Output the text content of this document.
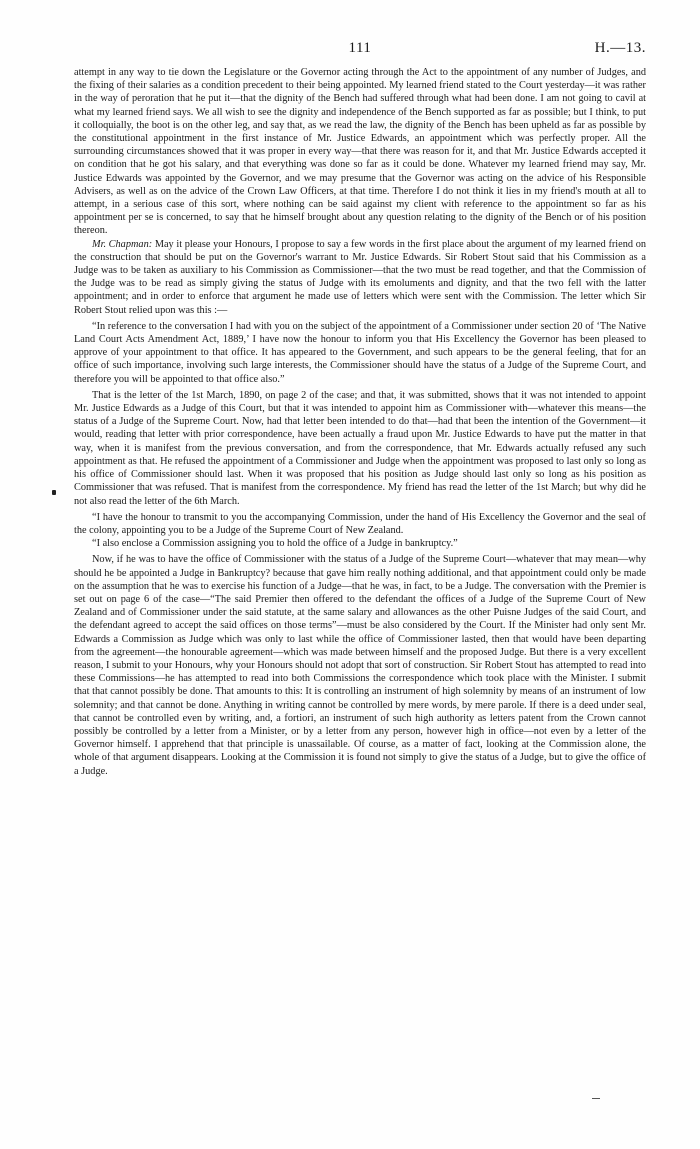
111	H.—13.

attempt in any way to tie down the Legislature or the Governor acting through the Act to the appointment of any number of Judges, and the fixing of their salaries as a condition precedent to their being appointed. My learned friend stated to the Court yesterday—it was rather in the way of peroration that he put it—that the dignity of the Bench had suffered through what had been done. I am not going to cavil at what my learned friend says. We all wish to see the dignity and independence of the Bench supported as far as possible; but I think, to put it colloquially, the boot is on the other leg, and say that, as we read the law, the dignity of the Bench has been upheld as far as possible by the constitutional appointment in the first instance of Mr. Justice Edwards, an appointment which was perfectly proper. All the surrounding circumstances showed that it was proper in every way—that there was reason for it, and that Mr. Justice Edwards accepted it on condition that he got his salary, and that everything was done so far as it could be done. Whatever my learned friend may say, Mr. Justice Edwards was appointed by the Governor, and we may presume that the Governor was acting on the advice of his Responsible Advisers, as well as on the advice of the Crown Law Officers, at that time. Therefore I do not think it lies in my friend's mouth at all to attempt, in a serious case of this sort, where nothing can be said against my client with reference to the appointment so far as his appointment per se is concerned, to say that he himself brought about any question relating to the dignity of the Bench or of his position thereon.

Mr. Chapman: May it please your Honours, I propose to say a few words in the first place about the argument of my learned friend on the construction that should be put on the Governor's warrant to Mr. Justice Edwards. Sir Robert Stout said that his Commission as a Judge was to be taken as auxiliary to his Commission as Commissioner—that the two must be read together, and that the Commission of the Judge was to be read as simply giving the status of Judge with its emoluments and dignity, and that the two fell with the latter appointment; and in order to enforce that argument he made use of letters which were sent with the Commission. The letter which Sir Robert Stout relied upon was this :—

“In reference to the conversation I had with you on the subject of the appointment of a Commissioner under section 20 of ‘The Native Land Court Acts Amendment Act, 1889,’ I have now the honour to inform you that His Excellency the Governor has been pleased to approve of your appointment to that office. It has appeared to the Government, and such appears to be the general feeling, that for an office of such importance, involving such large interests, the Commissioner should have the status of a Judge of the Supreme Court, and therefore you will be appointed to that office also.”

That is the letter of the 1st March, 1890, on page 2 of the case; and that, it was submitted, shows that it was not intended to appoint Mr. Justice Edwards as a Judge of this Court, but that it was intended to appoint him as Commissioner with—whatever this means—the status of a Judge of the Supreme Court. Now, had that letter been intended to do that—had that been the intention of the Government—it would, reading that letter with prior correspondence, have been actually a fraud upon Mr. Justice Edwards to have put the matter in that way, when it is manifest from the previous conversation, and from the correspondence, that Mr. Edwards actually refused any such appointment as that. He refused the appointment of a Commissioner and Judge when the appointment was proposed to last only so long as his office of Commissioner should last. When it was proposed that his position as Judge should last only so long as his position as Commissioner that was refused. That is manifest from the correspondence. My friend has read the letter of the 1st March; but why did he not also read the letter of the 6th March.

“I have the honour to transmit to you the accompanying Commission, under the hand of His Excellency the Governor and the seal of the colony, appointing you to be a Judge of the Supreme Court of New Zealand.

“I also enclose a Commission assigning you to hold the office of a Judge in bankruptcy.”

Now, if he was to have the office of Commissioner with the status of a Judge of the Supreme Court—whatever that may mean—why should he be appointed a Judge in Bankruptcy? because that gave him really nothing additional, and that appointment could only be made on the assumption that he was to exercise his function of a Judge—that he was, in fact, to be a Judge. The conversation with the Premier is set out on page 6 of the case—“The said Premier then offered to the defendant the offices of a Judge of the Supreme Court of New Zealand and of Commissioner under the said statute, at the same salary and allowances as the other Puisne Judges of the said Court, and the defendant agreed to accept the said offices on those terms”—must be also considered by the Court. If the Minister had only sent Mr. Edwards a Commission as Judge which was only to last while the office of Commissioner lasted, then that would have been departing from the agreement—the honourable agreement—which was made between himself and the proposed Judge. But there is a very excellent reason, I submit to your Honours, why your Honours should not adopt that sort of construction. Sir Robert Stout has attempted to read into these Commissions—he has attempted to read into both Commissions the correspondence which took place with the Minister. I submit that that cannot possibly be done. That amounts to this: It is controlling an instrument of high solemnity by means of an instrument of low solemnity; and that cannot be done. Anything in writing cannot be controlled by mere words, by mere parole. If there is a deed under seal, that cannot be controlled even by writing, and, a fortiori, an instrument of such high authority as letters patent from the Crown cannot possibly be controlled by a letter from a Minister, or by a letter from any person, however high in office—not even by a letter of the Governor himself. I apprehend that that principle is unassailable. Of course, as a matter of fact, looking at the Commission alone, the whole of that argument disappears. Looking at the Commission it is found not simply to give the status of a Judge, but to give the office of a Judge.
